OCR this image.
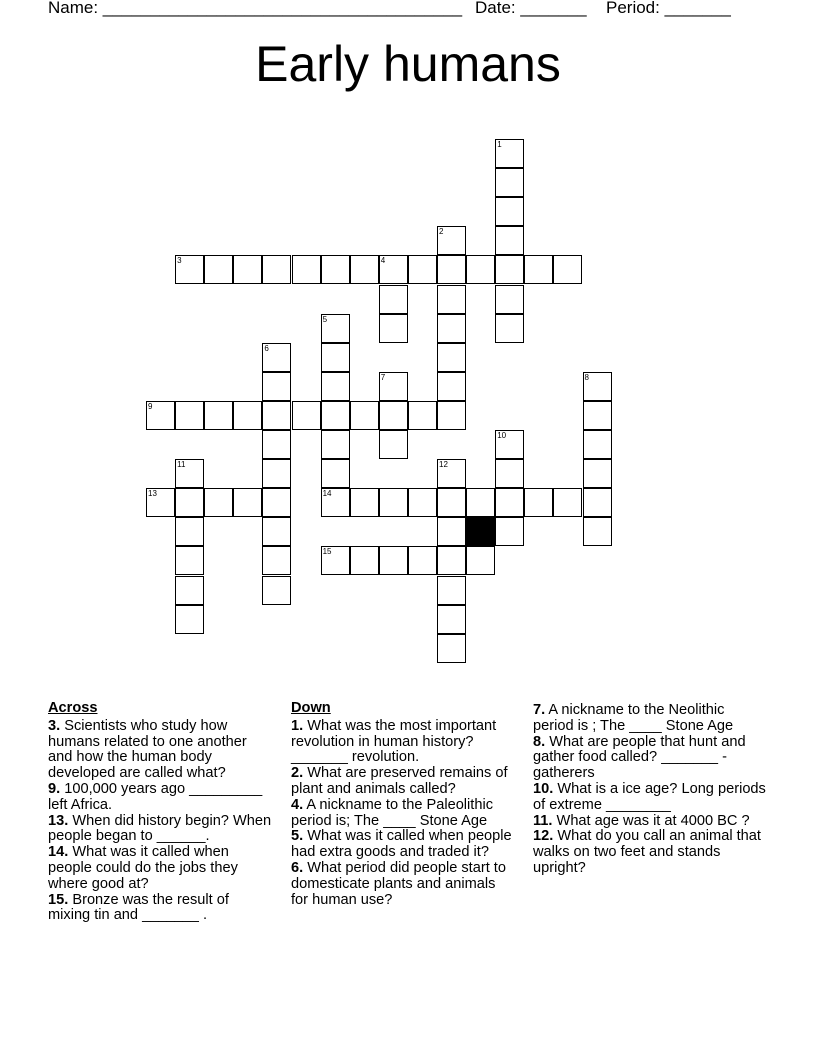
Name: ______________________________________ Date: _______ Period: _______
Early humans
1
2
3	4
5
6
7	8
9
10
11	12
13	14
15
Across
3. Scientists who study how humans related to one another and how the human body developed are called what?
9. 100,000 years ago _________ left Africa.
13. When did history begin? When people began to ______.
14. What was it called when people could do the jobs they where good at?
15. Bronze was the result of mixing tin and _______ .
Down
1. What was the most important revolution in human history? _______ revolution.
2. What are preserved remains of plant and animals called?
4. A nickname to the Paleolithic period is; The ____ Stone Age
5. What was it called when people had extra goods and traded it?
6. What period did people start to domesticate plants and animals for human use?
7. A nickname to the Neolithic period is ; The ____ Stone Age
8. What are people that hunt and gather food called? _______ -gatherers
10. What is a ice age? Long periods of extreme ________
11. What age was it at 4000 BC ?
12. What do you call an animal that walks on two feet and stands upright?
